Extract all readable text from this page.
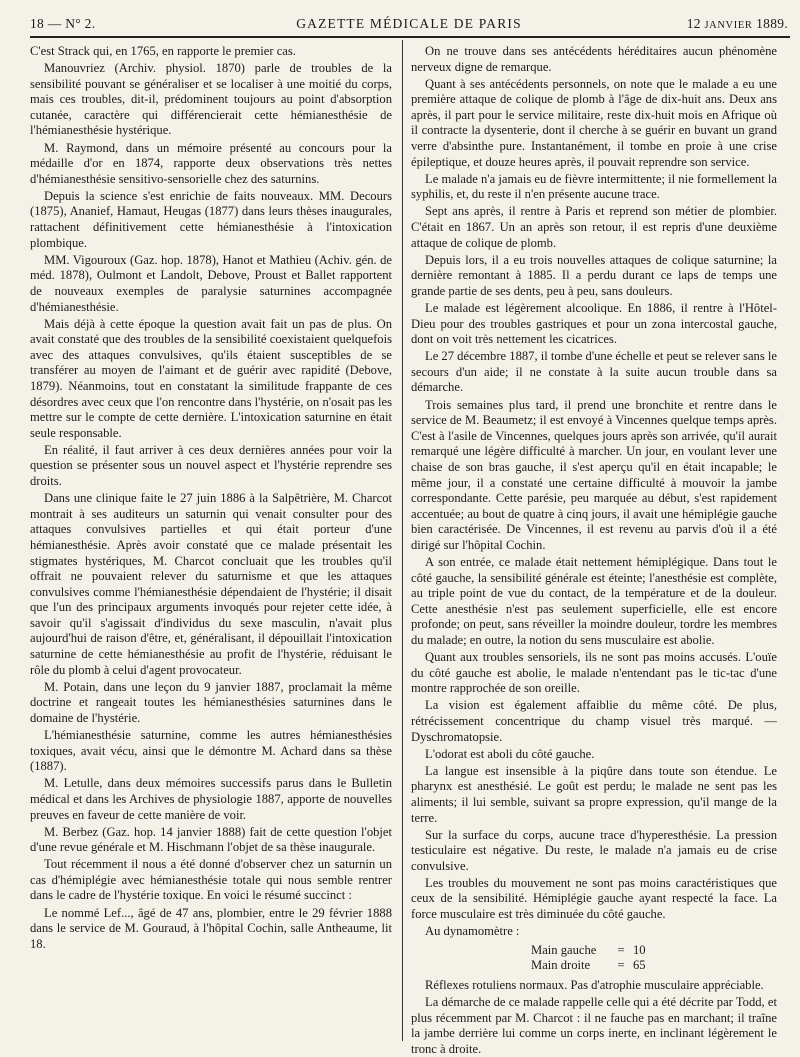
18 — N° 2.	GAZETTE MÉDICALE DE PARIS	12 JANVIER 1889.

C'est Strack qui, en 1765, en rapporte le premier cas.

Manouvriez (Archiv. physiol. 1870) parle de troubles de la sensibilité pouvant se généraliser et se localiser à une moitié du corps, mais ces troubles, dit-il, prédominent toujours au point d'absorption cutanée, caractère qui différencierait cette hémianesthésie de l'hémianesthésie hystérique.

M. Raymond, dans un mémoire présenté au concours pour la médaille d'or en 1874, rapporte deux observations très nettes d'hémianesthésie sensitivo-sensorielle chez des saturnins.

Depuis la science s'est enrichie de faits nouveaux. MM. Decours (1875), Ananief, Hamaut, Heugas (1877) dans leurs thèses inaugurales, rattachent définitivement cette hémianesthésie à l'intoxication plombique.

MM. Vigouroux (Gaz. hop. 1878), Hanot et Mathieu (Achiv. gén. de méd. 1878), Oulmont et Landolt, Debove, Proust et Ballet rapportent de nouveaux exemples de paralysie saturnines accompagnée d'hémianesthésie.

Mais déjà à cette époque la question avait fait un pas de plus. On avait constaté que des troubles de la sensibilité coexistaient quelquefois avec des attaques convulsives, qu'ils étaient susceptibles de se transférer au moyen de l'aimant et de guérir avec rapidité (Debove, 1879). Néanmoins, tout en constatant la similitude frappante de ces désordres avec ceux que l'on rencontre dans l'hystérie, on n'osait pas les mettre sur le compte de cette dernière. L'intoxication saturnine en était seule responsable.

En réalité, il faut arriver à ces deux dernières années pour voir la question se présenter sous un nouvel aspect et l'hystérie reprendre ses droits.

Dans une clinique faite le 27 juin 1886 à la Salpêtrière, M. Charcot montrait à ses auditeurs un saturnin qui venait consulter pour des attaques convulsives partielles et qui était porteur d'une hémianesthésie. Après avoir constaté que ce malade présentait les stigmates hystériques, M. Charcot concluait que les troubles qu'il offrait ne pouvaient relever du saturnisme et que les attaques convulsives comme l'hémianesthésie dépendaient de l'hystérie; il disait que l'un des principaux arguments invoqués pour rejeter cette idée, à savoir qu'il s'agissait d'individus du sexe masculin, n'avait plus aujourd'hui de raison d'être, et, généralisant, il dépouillait l'intoxication saturnine de cette hémianesthésie au profit de l'hystérie, réduisant le rôle du plomb à celui d'agent provocateur.

M. Potain, dans une leçon du 9 janvier 1887, proclamait la même doctrine et rangeait toutes les hémianesthésies saturnines dans le domaine de l'hystérie.

L'hémianesthésie saturnine, comme les autres hémianesthésies toxiques, avait vécu, ainsi que le démontre M. Achard dans sa thèse (1887).

M. Letulle, dans deux mémoires successifs parus dans le Bulletin médical et dans les Archives de physiologie 1887, apporte de nouvelles preuves en faveur de cette manière de voir.

M. Berbez (Gaz. hop. 14 janvier 1888) fait de cette question l'objet d'une revue générale et M. Hischmann l'objet de sa thèse inaugurale.

Tout récemment il nous a été donné d'observer chez un saturnin un cas d'hémiplégie avec hémianesthésie totale qui nous semble rentrer dans le cadre de l'hystérie toxique. En voici le résumé succinct :

Le nommé Lef..., âgé de 47 ans, plombier, entre le 29 février 1888 dans le service de M. Gouraud, à l'hôpital Cochin, salle Antheaume, lit 18.

On ne trouve dans ses antécédents héréditaires aucun phénomène nerveux digne de remarque.

Quant à ses antécédents personnels, on note que le malade a eu une première attaque de colique de plomb à l'âge de dix-huit ans. Deux ans après, il part pour le service militaire, reste dix-huit mois en Afrique où il contracte la dysenterie, dont il cherche à se guérir en buvant un grand verre d'absinthe pure. Instantanément, il tombe en proie à une crise épileptique, et douze heures après, il pouvait reprendre son service.

Le malade n'a jamais eu de fièvre intermittente; il nie formellement la syphilis, et, du reste il n'en présente aucune trace.

Sept ans après, il rentre à Paris et reprend son métier de plombier. C'était en 1867. Un an après son retour, il est repris d'une deuxième attaque de colique de plomb.

Depuis lors, il a eu trois nouvelles attaques de colique saturnine; la dernière remontant à 1885. Il a perdu durant ce laps de temps une grande partie de ses dents, peu à peu, sans douleurs.

Le malade est légèrement alcoolique. En 1886, il rentre à l'Hôtel-Dieu pour des troubles gastriques et pour un zona intercostal gauche, dont on voit très nettement les cicatrices.

Le 27 décembre 1887, il tombe d'une échelle et peut se relever sans le secours d'un aide; il ne constate à la suite aucun trouble dans sa démarche.

Trois semaines plus tard, il prend une bronchite et rentre dans le service de M. Beaumetz; il est envoyé à Vincennes quelque temps après. C'est à l'asile de Vincennes, quelques jours après son arrivée, qu'il aurait remarqué une légère difficulté à marcher. Un jour, en voulant lever une chaise de son bras gauche, il s'est aperçu qu'il en était incapable; le même jour, il a constaté une certaine difficulté à mouvoir la jambe correspondante. Cette parésie, peu marquée au début, s'est rapidement accentuée; au bout de quatre à cinq jours, il avait une hémiplégie gauche bien caractérisée. De Vincennes, il est revenu au parvis d'où il a été dirigé sur l'hôpital Cochin.

A son entrée, ce malade était nettement hémiplégique. Dans tout le côté gauche, la sensibilité générale est éteinte; l'anesthésie est complète, au triple point de vue du contact, de la température et de la douleur. Cette anesthésie n'est pas seulement superficielle, elle est encore profonde; on peut, sans réveiller la moindre douleur, tordre les membres du malade; en outre, la notion du sens musculaire est abolie.

Quant aux troubles sensoriels, ils ne sont pas moins accusés. L'ouïe du côté gauche est abolie, le malade n'entendant pas le tic-tac d'une montre rapprochée de son oreille.

La vision est également affaiblie du même côté. De plus, rétrécissement concentrique du champ visuel très marqué. — Dyschromatopsie.

L'odorat est aboli du côté gauche.

La langue est insensible à la piqûre dans toute son étendue. Le pharynx est anesthésié. Le goût est perdu; le malade ne sent pas les aliments; il lui semble, suivant sa propre expression, qu'il mange de la terre.

Sur la surface du corps, aucune trace d'hyperesthésie. La pression testiculaire est négative. Du reste, le malade n'a jamais eu de crise convulsive.

Les troubles du mouvement ne sont pas moins caractéristiques que ceux de la sensibilité. Hémiplégie gauche ayant respecté la face. La force musculaire est très diminuée du côté gauche.

Au dynamomètre :

Main gauche	= 10
Main droite	= 65

Réflexes rotuliens normaux. Pas d'atrophie musculaire appréciable.

La démarche de ce malade rappelle celle qui a été décrite par Todd, et plus récemment par M. Charcot : il ne fauche pas en marchant; il traîne la jambe derrière lui comme un corps inerte, en inclinant légèrement le tronc à droite.
